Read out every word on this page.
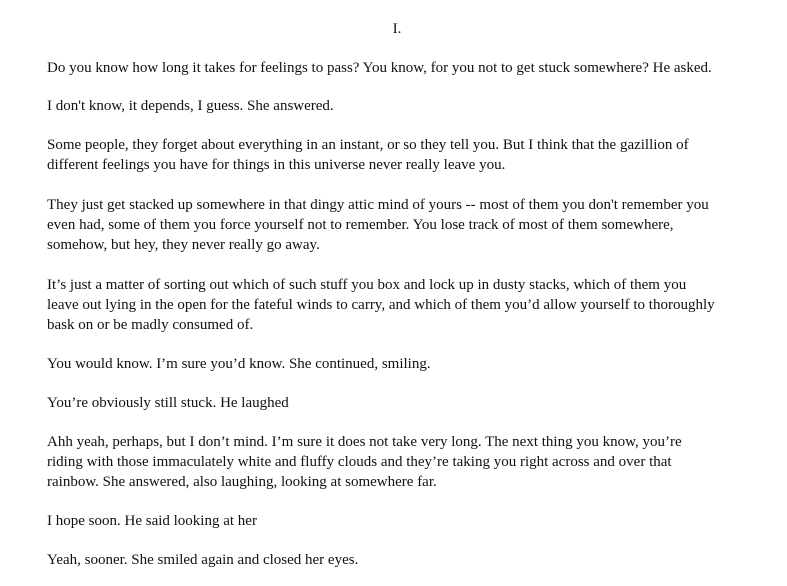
I.

Do you know how long it takes for feelings to pass? You know, for you not to get stuck somewhere? He asked.

I don't know, it depends, I guess. She answered.

Some people, they forget about everything in an instant, or so they tell you. But I think that the gazillion of
different feelings you have for things in this universe never really leave you.

They just get stacked up somewhere in that dingy attic mind of yours -- most of them you don't remember you
even had, some of them you force yourself not to remember. You lose track of most of them somewhere,
somehow, but hey, they never really go away.

It’s just a matter of sorting out which of such stuff you box and lock up in dusty stacks, which of them you
leave out lying in the open for the fateful winds to carry, and which of them you’d allow yourself to thoroughly
bask on or be madly consumed of.

You would know. I’m sure you’d know. She continued, smiling.

You’re obviously still stuck. He laughed

Ahh yeah, perhaps, but I don’t mind. I’m sure it does not take very long. The next thing you know, you’re
riding with those immaculately white and fluffy clouds and they’re taking you right across and over that
rainbow. She answered, also laughing, looking at somewhere far.

I hope soon. He said looking at her

Yeah, sooner. She smiled again and closed her eyes.
